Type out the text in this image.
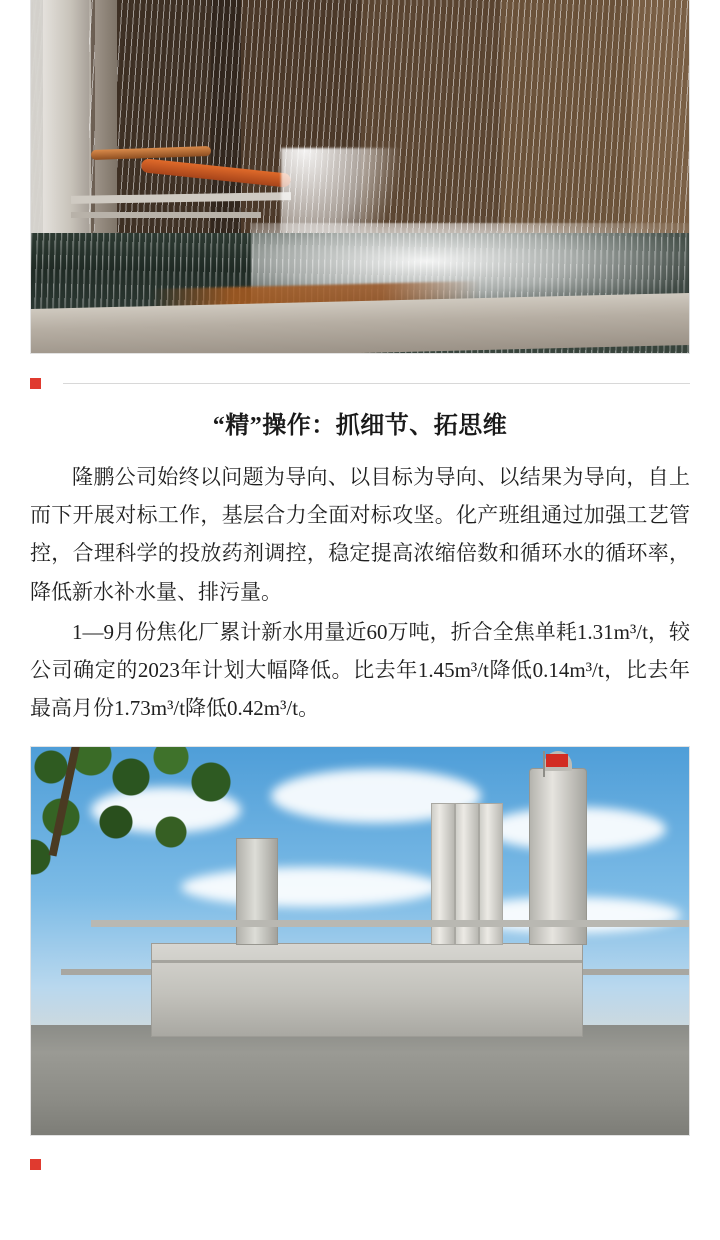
“精”操作：抓细节、拓思维

隆鹏公司始终以问题为导向、以目标为导向、以结果为导向，自上而下开展对标工作，基层合力全面对标攻坚。化产班组通过加强工艺管控，合理科学的投放药剂调控，稳定提高浓缩倍数和循环水的循环率，降低新水补水量、排污量。

1—9月份焦化厂累计新水用量近60万吨，折合全焦单耗1.31m³/t，较公司确定的2023年计划大幅降低。比去年1.45m³/t降低0.14m³/t，比去年最高月份1.73m³/t降低0.42m³/t。
